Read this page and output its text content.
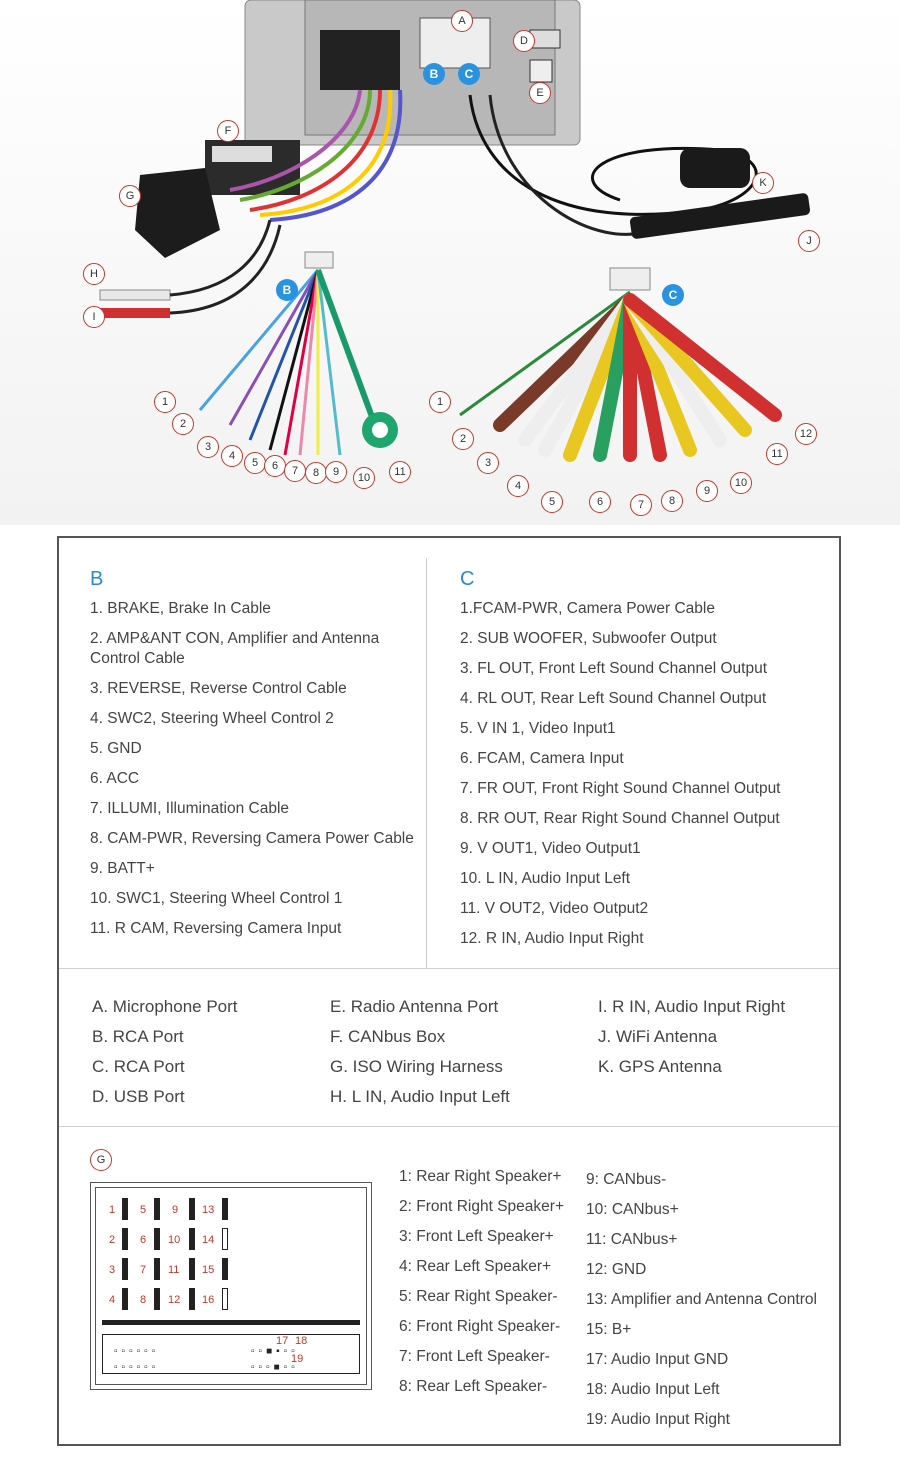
A
D
E
F
G
H
I
J
K
B	C
B	C
1
2
3
4
5	6	7	8	9	10	11
1
2
3
4
5	6	7	8
9
10
11
12
B
1. BRAKE, Brake In Cable
2. AMP&ANT CON, Amplifier and Antenna
Control Cable
3. REVERSE, Reverse Control Cable
4. SWC2, Steering Wheel Control 2
5. GND
6. ACC
7. ILLUMI, Illumination Cable
8. CAM-PWR, Reversing Camera Power Cable
9. BATT+
10. SWC1, Steering Wheel Control 1
11. R CAM, Reversing Camera Input
C
1.FCAM-PWR, Camera Power Cable
2. SUB WOOFER, Subwoofer Output
3. FL OUT, Front Left Sound Channel Output
4. RL OUT, Rear Left Sound Channel Output
5. V IN 1, Video Input1
6. FCAM, Camera Input
7. FR OUT, Front Right Sound Channel Output
8. RR OUT, Rear Right Sound Channel Output
9. V OUT1, Video Output1
10. L IN, Audio Input Left
11. V OUT2, Video Output2
12. R IN, Audio Input Right
A. Microphone Port
B. RCA Port
C. RCA Port
D. USB Port
E. Radio Antenna Port
F. CANbus Box
G. ISO Wiring Harness
H. L IN, Audio Input Left
I. R IN, Audio Input Right
J. WiFi Antenna
K. GPS Antenna
G
1
2
3
4
5
6
7
8
9
10
11
12
13
14
15
16
17 18
19
▫▫▫▫▫▫
▫▫▫▫▫▫
▫▫■▪▫▫
▫▫▫■▫▫
1: Rear Right Speaker+
2: Front Right Speaker+
3: Front Left Speaker+
4: Rear Left Speaker+
5: Rear Right Speaker-
6: Front Right Speaker-
7: Front Left Speaker-
8: Rear Left Speaker-
9: CANbus-
10: CANbus+
11: CANbus+
12: GND
13: Amplifier and Antenna Control
15: B+
17: Audio Input GND
18: Audio Input Left
19: Audio Input Right
